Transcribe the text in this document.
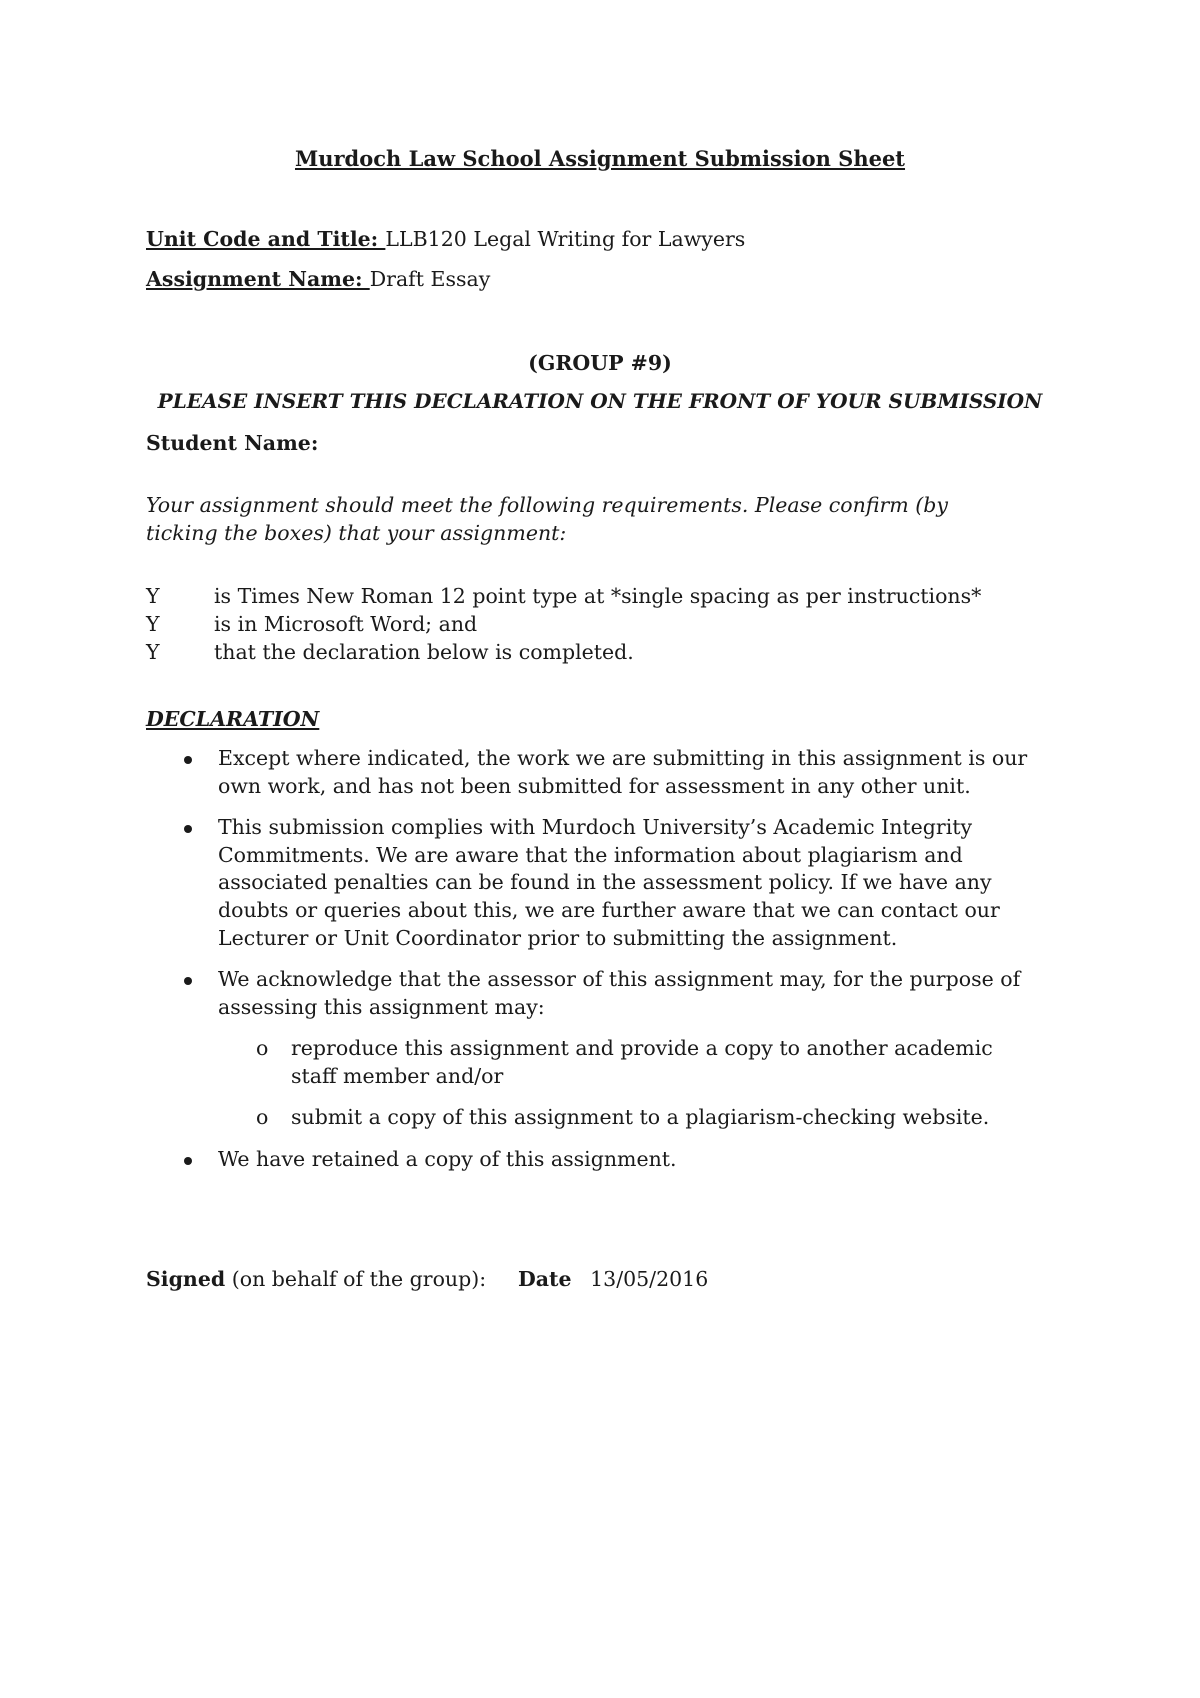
Murdoch Law School Assignment Submission Sheet
Unit Code and Title: LLB120 Legal Writing for Lawyers
Assignment Name: Draft Essay
(GROUP #9)
PLEASE INSERT THIS DECLARATION ON THE FRONT OF YOUR SUBMISSION
Student Name:
Your assignment should meet the following requirements. Please confirm (by ticking the boxes) that your assignment:
Y	is Times New Roman 12 point type at *single spacing as per instructions*
Y	is in Microsoft Word; and
Y	that the declaration below is completed.
DECLARATION
Except where indicated, the work we are submitting in this assignment is our own work, and has not been submitted for assessment in any other unit.
This submission complies with Murdoch University’s Academic Integrity Commitments. We are aware that the information about plagiarism and associated penalties can be found in the assessment policy. If we have any doubts or queries about this, we are further aware that we can contact our Lecturer or Unit Coordinator prior to submitting the assignment.
We acknowledge that the assessor of this assignment may, for the purpose of assessing this assignment may:
o reproduce this assignment and provide a copy to another academic staff member and/or
o submit a copy of this assignment to a plagiarism-checking website.
We have retained a copy of this assignment.
Signed (on behalf of the group): Date 13/05/2016
